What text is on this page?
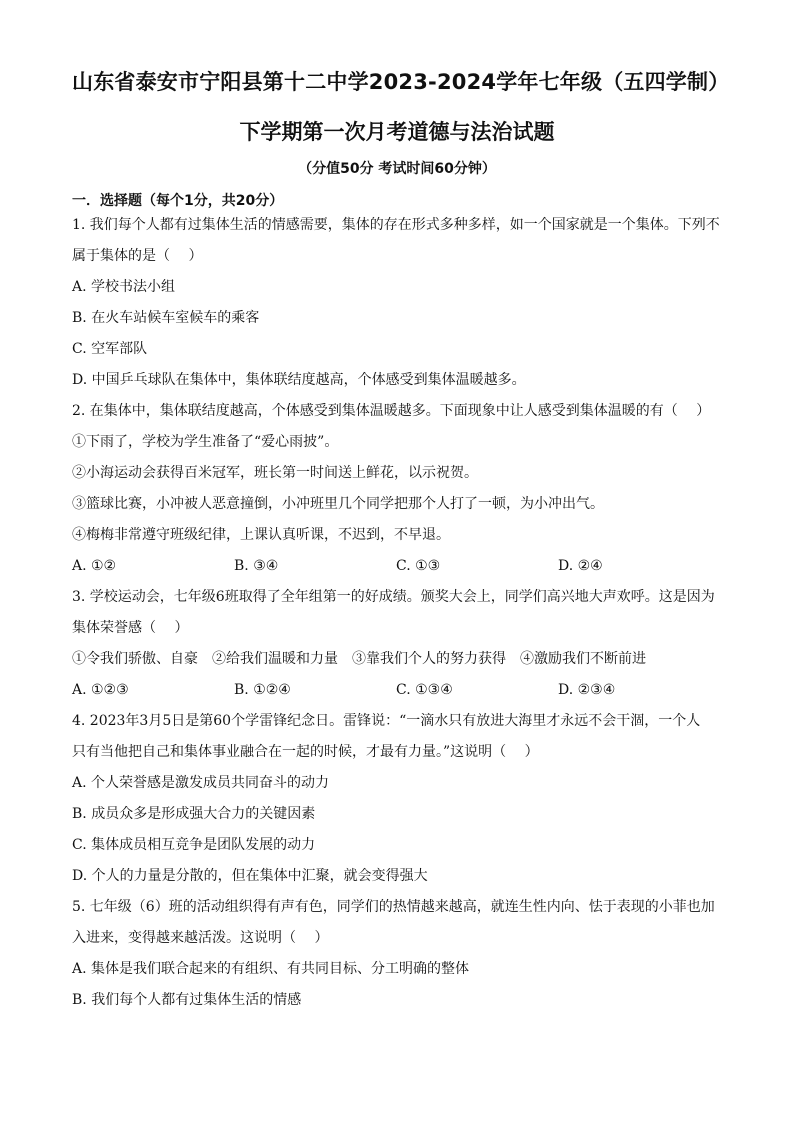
山东省泰安市宁阳县第十二中学2023-2024学年七年级（五四学制）
下学期第一次月考道德与法治试题
（分值50分 考试时间60分钟）
一．选择题（每个1分，共20分）
1. 我们每个人都有过集体生活的情感需要，集体的存在形式多种多样，如一个国家就是一个集体。下列不
属于集体的是（　 ）
A. 学校书法小组
B. 在火车站候车室候车的乘客
C. 空军部队
D. 中国乒乓球队在集体中，集体联结度越高，个体感受到集体温暖越多。
2. 在集体中，集体联结度越高，个体感受到集体温暖越多。下面现象中让人感受到集体温暖的有（　 ）
①下雨了，学校为学生准备了“爱心雨披”。
②小海运动会获得百米冠军，班长第一时间送上鲜花，以示祝贺。
③篮球比赛，小冲被人恶意撞倒，小冲班里几个同学把那个人打了一顿，为小冲出气。
④梅梅非常遵守班级纪律，上课认真听课，不迟到，不早退。
A. ①②	B. ③④	C. ①③	D. ②④
3. 学校运动会，七年级6班取得了全年组第一的好成绩。颁奖大会上，同学们高兴地大声欢呼。这是因为
集体荣誉感（　 ）
①令我们骄傲、自豪　②给我们温暖和力量　③靠我们个人的努力获得　④激励我们不断前进
A. ①②③	B. ①②④	C. ①③④	D. ②③④
4. 2023年3月5日是第60个学雷锋纪念日。雷锋说：“一滴水只有放进大海里才永远不会干涸，一个人
只有当他把自己和集体事业融合在一起的时候，才最有力量。”这说明（　 ）
A. 个人荣誉感是激发成员共同奋斗的动力
B. 成员众多是形成强大合力的关键因素
C. 集体成员相互竞争是团队发展的动力
D. 个人的力量是分散的，但在集体中汇聚，就会变得强大
5. 七年级（6）班的活动组织得有声有色，同学们的热情越来越高，就连生性内向、怯于表现的小菲也加
入进来，变得越来越活泼。这说明（　 ）
A. 集体是我们联合起来的有组织、有共同目标、分工明确的整体
B. 我们每个人都有过集体生活的情感
